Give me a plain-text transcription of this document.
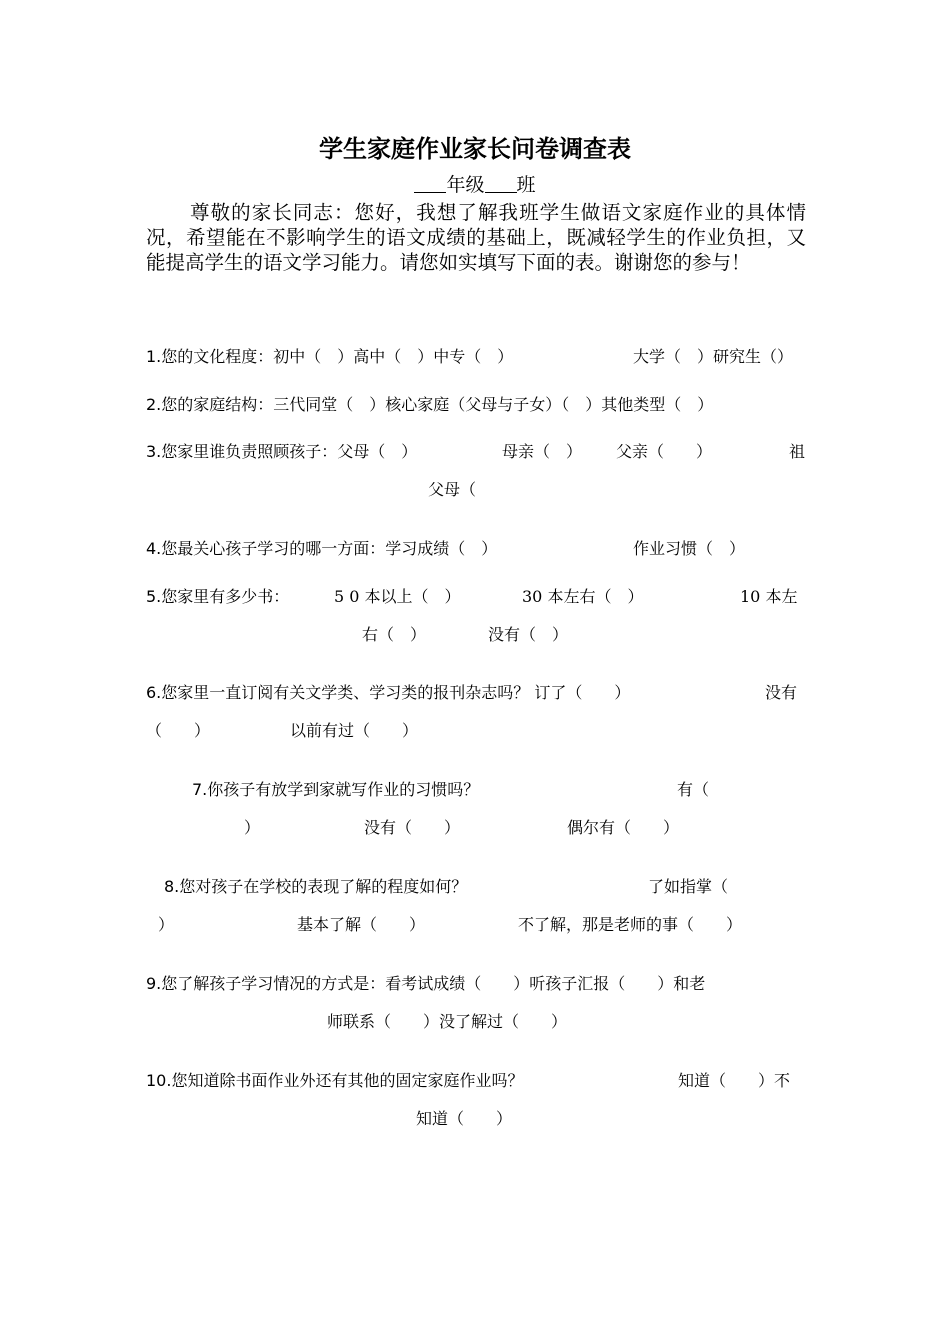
学生家庭作业家长问卷调查表
年级 班
尊敬的家长同志：您好，我想了解我班学生做语文家庭作业的具体情况，希望能在不影响学生的语文成绩的基础上，既减轻学生的作业负担，又能提高学生的语文学习能力。请您如实填写下面的表。谢谢您的参与！
1.您的文化程度：初中（　）高中（　）中专（　）	大学（　）研究生（）
2.您的家庭结构：三代同堂（　）核心家庭（父母与子女）（　）其他类型（　）
3.您家里谁负责照顾孩子：父母（　）	母亲（　） 父亲（　　）	祖
父母（
4.您最关心孩子学习的哪一方面：学习成绩（　）	作业习惯（　）
5.您家里有多少书：	5 0 本以上（　）	30 本左右（　）	10 本左
右（　）	没有（　）
6.您家里一直订阅有关文学类、学习类的报刊杂志吗？ 订了（　　）	没有
（　　）	以前有过（　　）
7.你孩子有放学到家就写作业的习惯吗？	有（
）	没有（　　）	偶尔有（　　）
8.您对孩子在学校的表现了解的程度如何？	了如指掌（
）	基本了解（　　）	不了解，那是老师的事（　　）
9.您了解孩子学习情况的方式是：看考试成绩（　　）听孩子汇报（　　）和老
师联系（　　）没了解过（　　）
10.您知道除书面作业外还有其他的固定家庭作业吗？	知道（　　）不
知道（　　）
